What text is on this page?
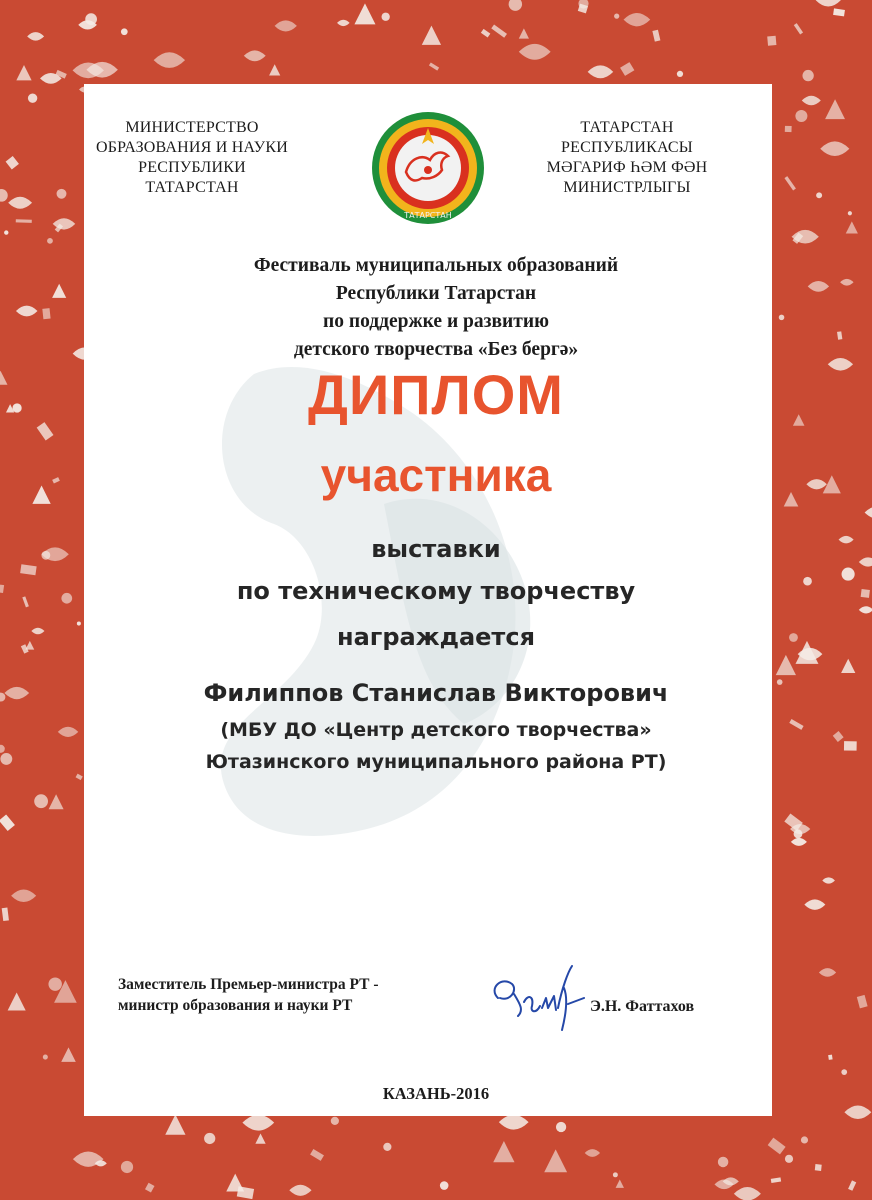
МИНИСТЕРСТВО
ОБРАЗОВАНИЯ И НАУКИ
РЕСПУБЛИКИ
ТАТАРСТАН
ТАТАРСТАН
ТАТАРСТАН
РЕСПУБЛИКАСЫ
МӘГАРИФ ҺӘМ ФӘН
МИНИСТРЛЫГЫ
Фестиваль муниципальных образований
Республики Татарстан
по поддержке и развитию
детского творчества «Без бергә»
ДИПЛОМ
участника
выставки
по техническому творчеству
награждается
Филиппов Станислав Викторович
(МБУ ДО «Центр детского творчества»
Ютазинского муниципального района РТ)
Заместитель Премьер-министра РТ -
министр образования и науки РТ	Э.Н. Фаттахов
КАЗАНЬ-2016
